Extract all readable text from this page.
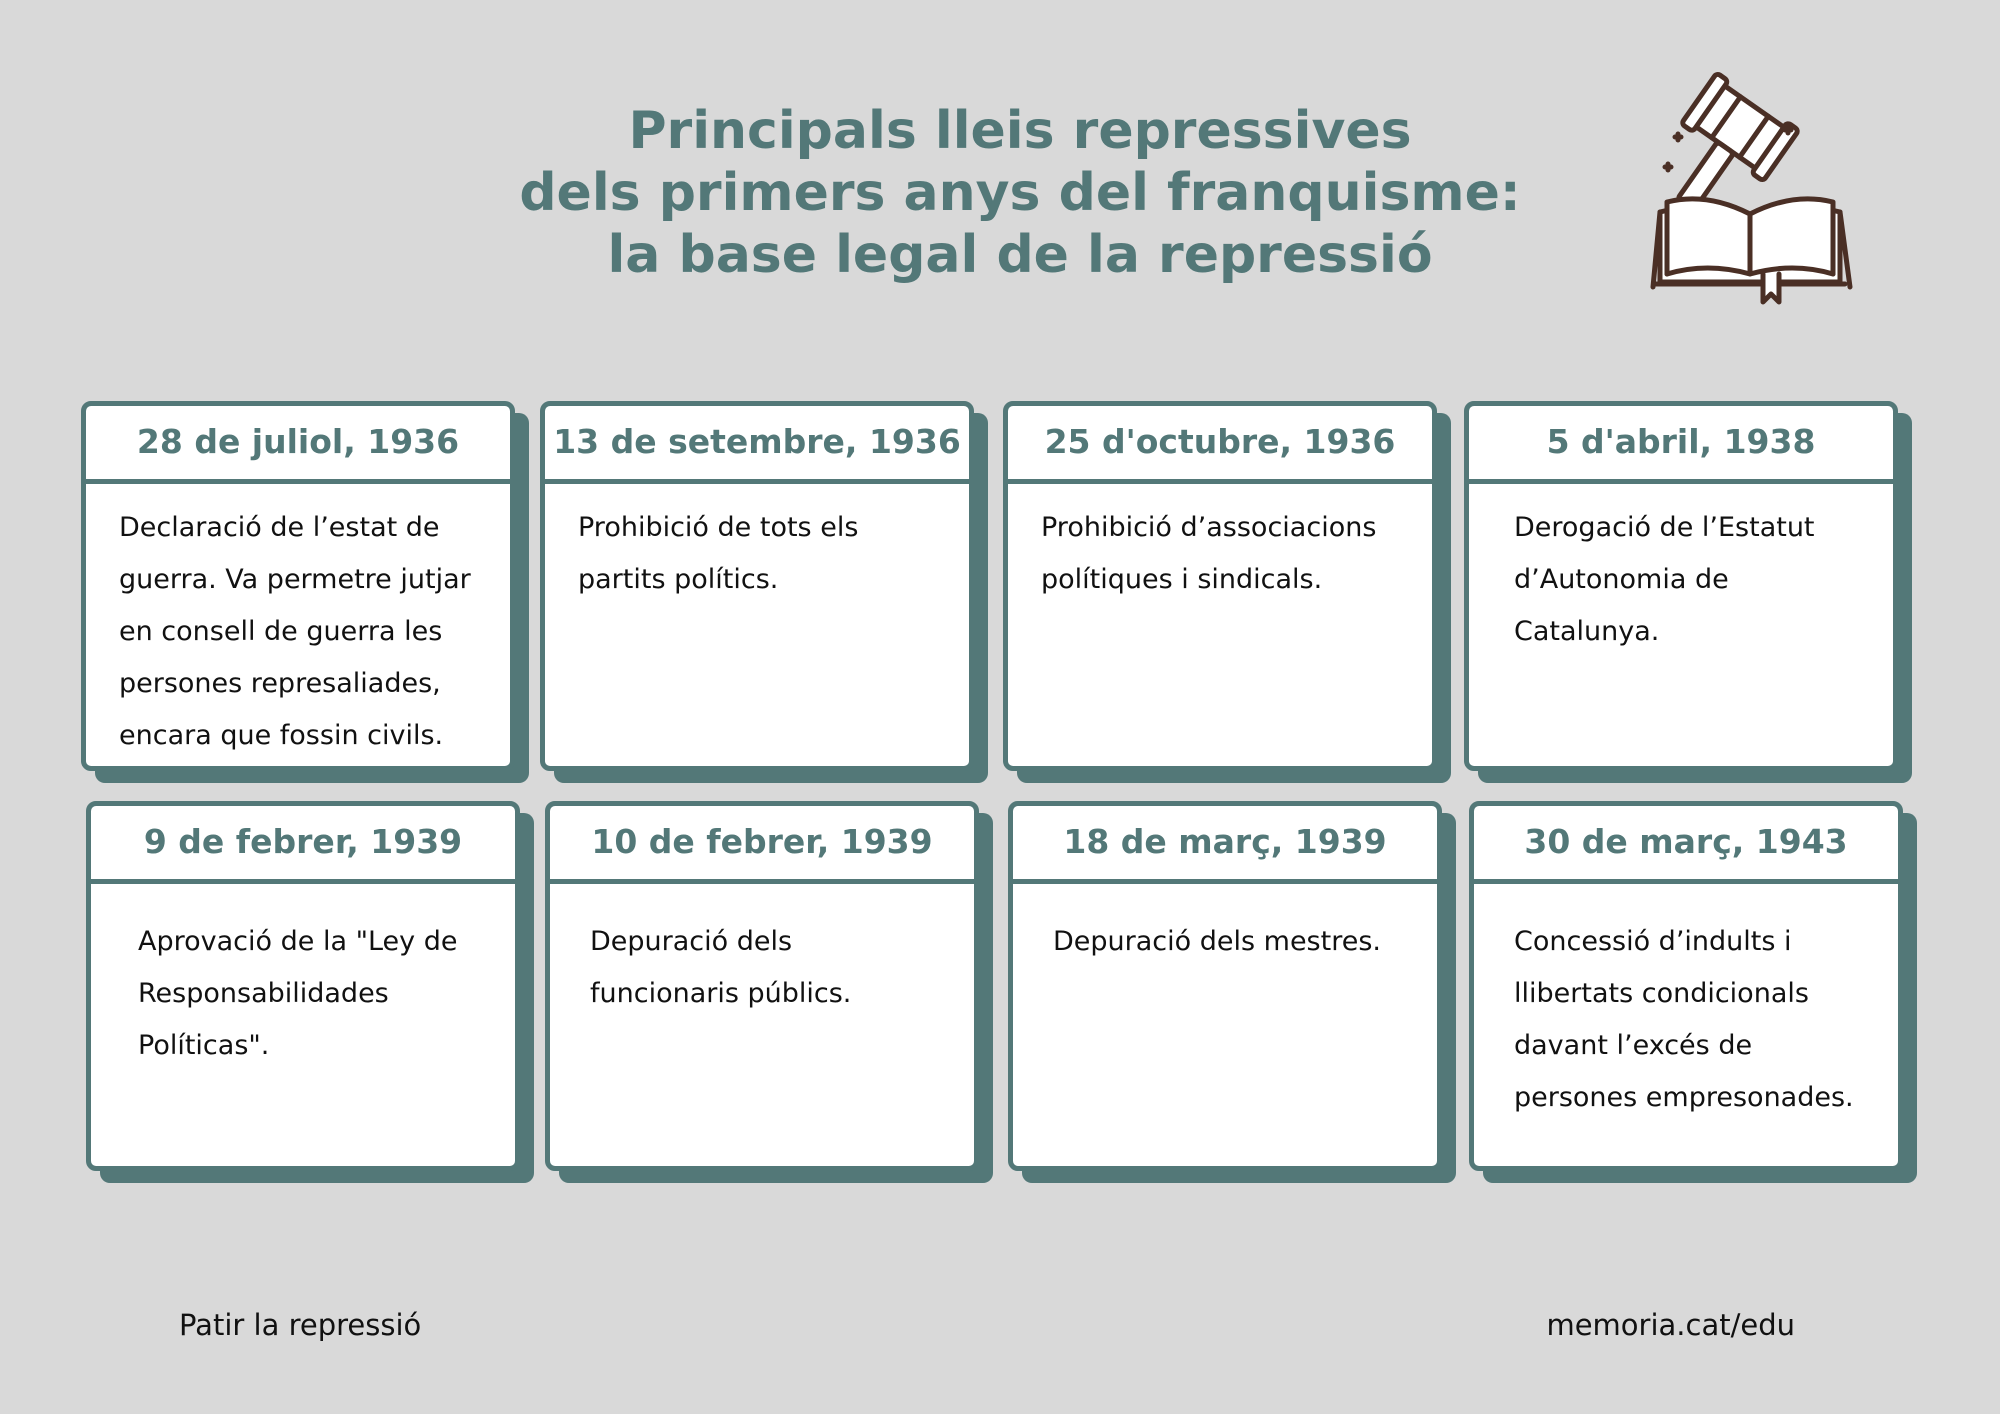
Principals lleis repressives
dels primers anys del franquisme:
la base legal de la repressió
28 de juliol, 1936
Declaració de l’estat de guerra. Va permetre jutjar en consell de guerra les persones represaliades, encara que fossin civils.
13 de setembre, 1936
Prohibició de tots els partits polítics.
25 d'octubre, 1936
Prohibició d’associacions polítiques i sindicals.
5 d'abril, 1938
Derogació de l’Estatut d’Autonomia de Catalunya.
9 de febrer, 1939
Aprovació de la "Ley de Responsabilidades Políticas".
10 de febrer, 1939
Depuració dels funcionaris públics.
18 de març, 1939
Depuració dels mestres.
30 de març, 1943
Concessió d’indults i llibertats condicionals davant l’excés de persones empresonades.
Patir la repressió	memoria.cat/edu
